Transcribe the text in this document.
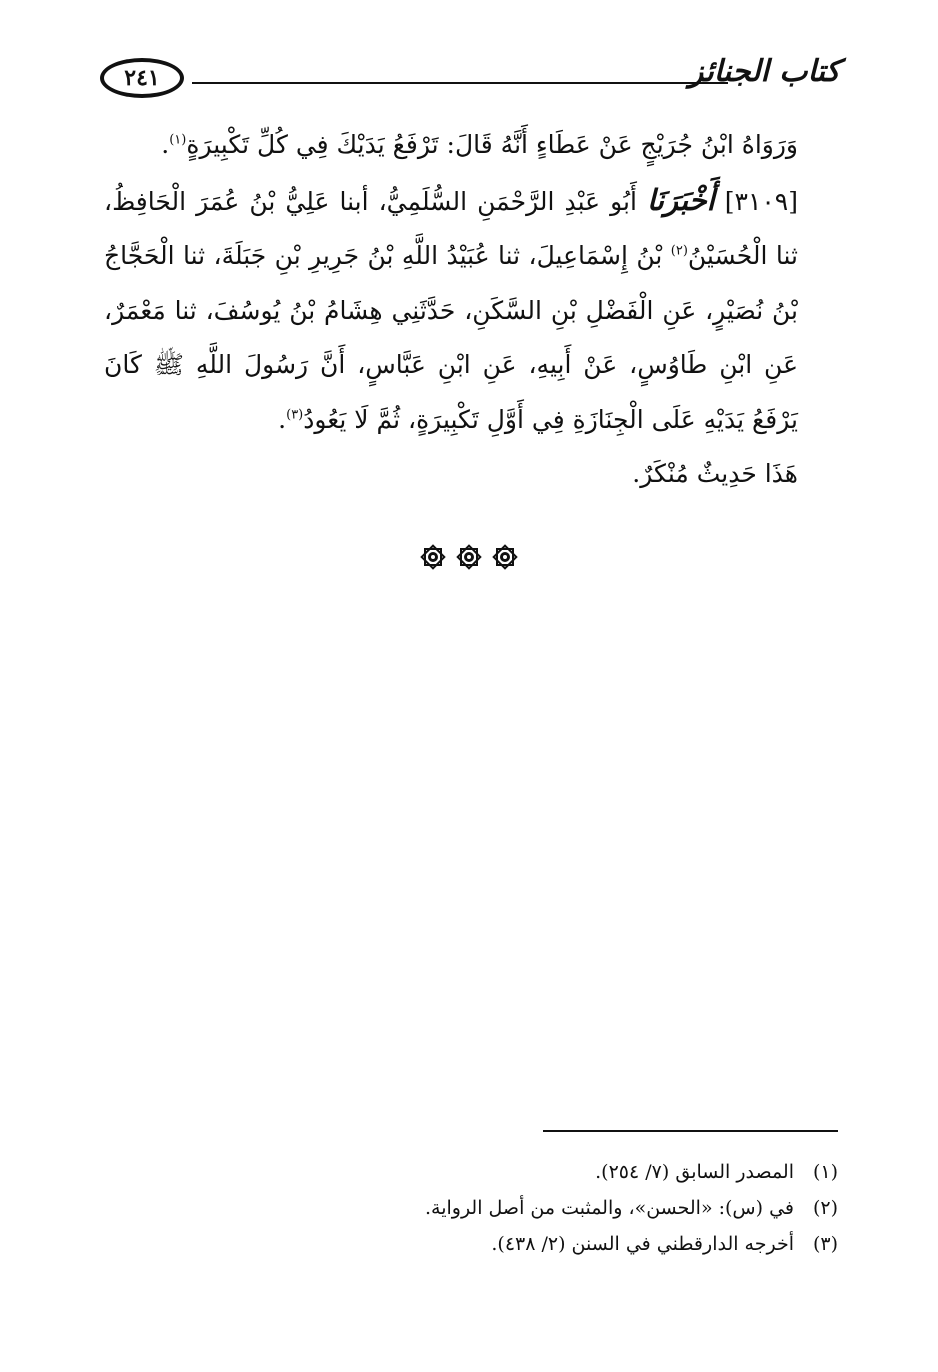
٢٤١	كتاب الجنائز

وَرَوَاهُ ابْنُ جُرَيْجٍ عَنْ عَطَاءٍ أَنَّهُ قَالَ: تَرْفَعُ يَدَيْكَ فِي كُلِّ تَكْبِيرَةٍ$^{(١)}$.

[٣١٠٩] أَخْبَرَنَا أَبُو عَبْدِ الرَّحْمَنِ السُّلَمِيُّ، أبنا عَلِيُّ بْنُ عُمَرَ الْحَافِظُ، ثنا الْحُسَيْنُ$^{(٢)}$ بْنُ إِسْمَاعِيلَ، ثنا عُبَيْدُ اللَّهِ بْنُ جَرِيرِ بْنِ جَبَلَةَ، ثنا الْحَجَّاجُ بْنُ نُصَيْرٍ، عَنِ الْفَضْلِ بْنِ السَّكَنِ، حَدَّثَنِي هِشَامُ بْنُ يُوسُفَ، ثنا مَعْمَرٌ، عَنِ ابْنِ طَاوُسٍ، عَنْ أَبِيهِ، عَنِ ابْنِ عَبَّاسٍ، أَنَّ رَسُولَ اللَّهِ ﷺ كَانَ يَرْفَعُ يَدَيْهِ عَلَى الْجِنَازَةِ فِي أَوَّلِ تَكْبِيرَةٍ، ثُمَّ لَا يَعُودُ$^{(٣)}$.

هَذَا حَدِيثٌ مُنْكَرٌ.

(١)
المصدر السابق (٧/ ٢٥٤).
(٢)
في (س): «الحسن»، والمثبت من أصل الرواية.
(٣)
أخرجه الدارقطني في السنن (٢/ ٤٣٨).
